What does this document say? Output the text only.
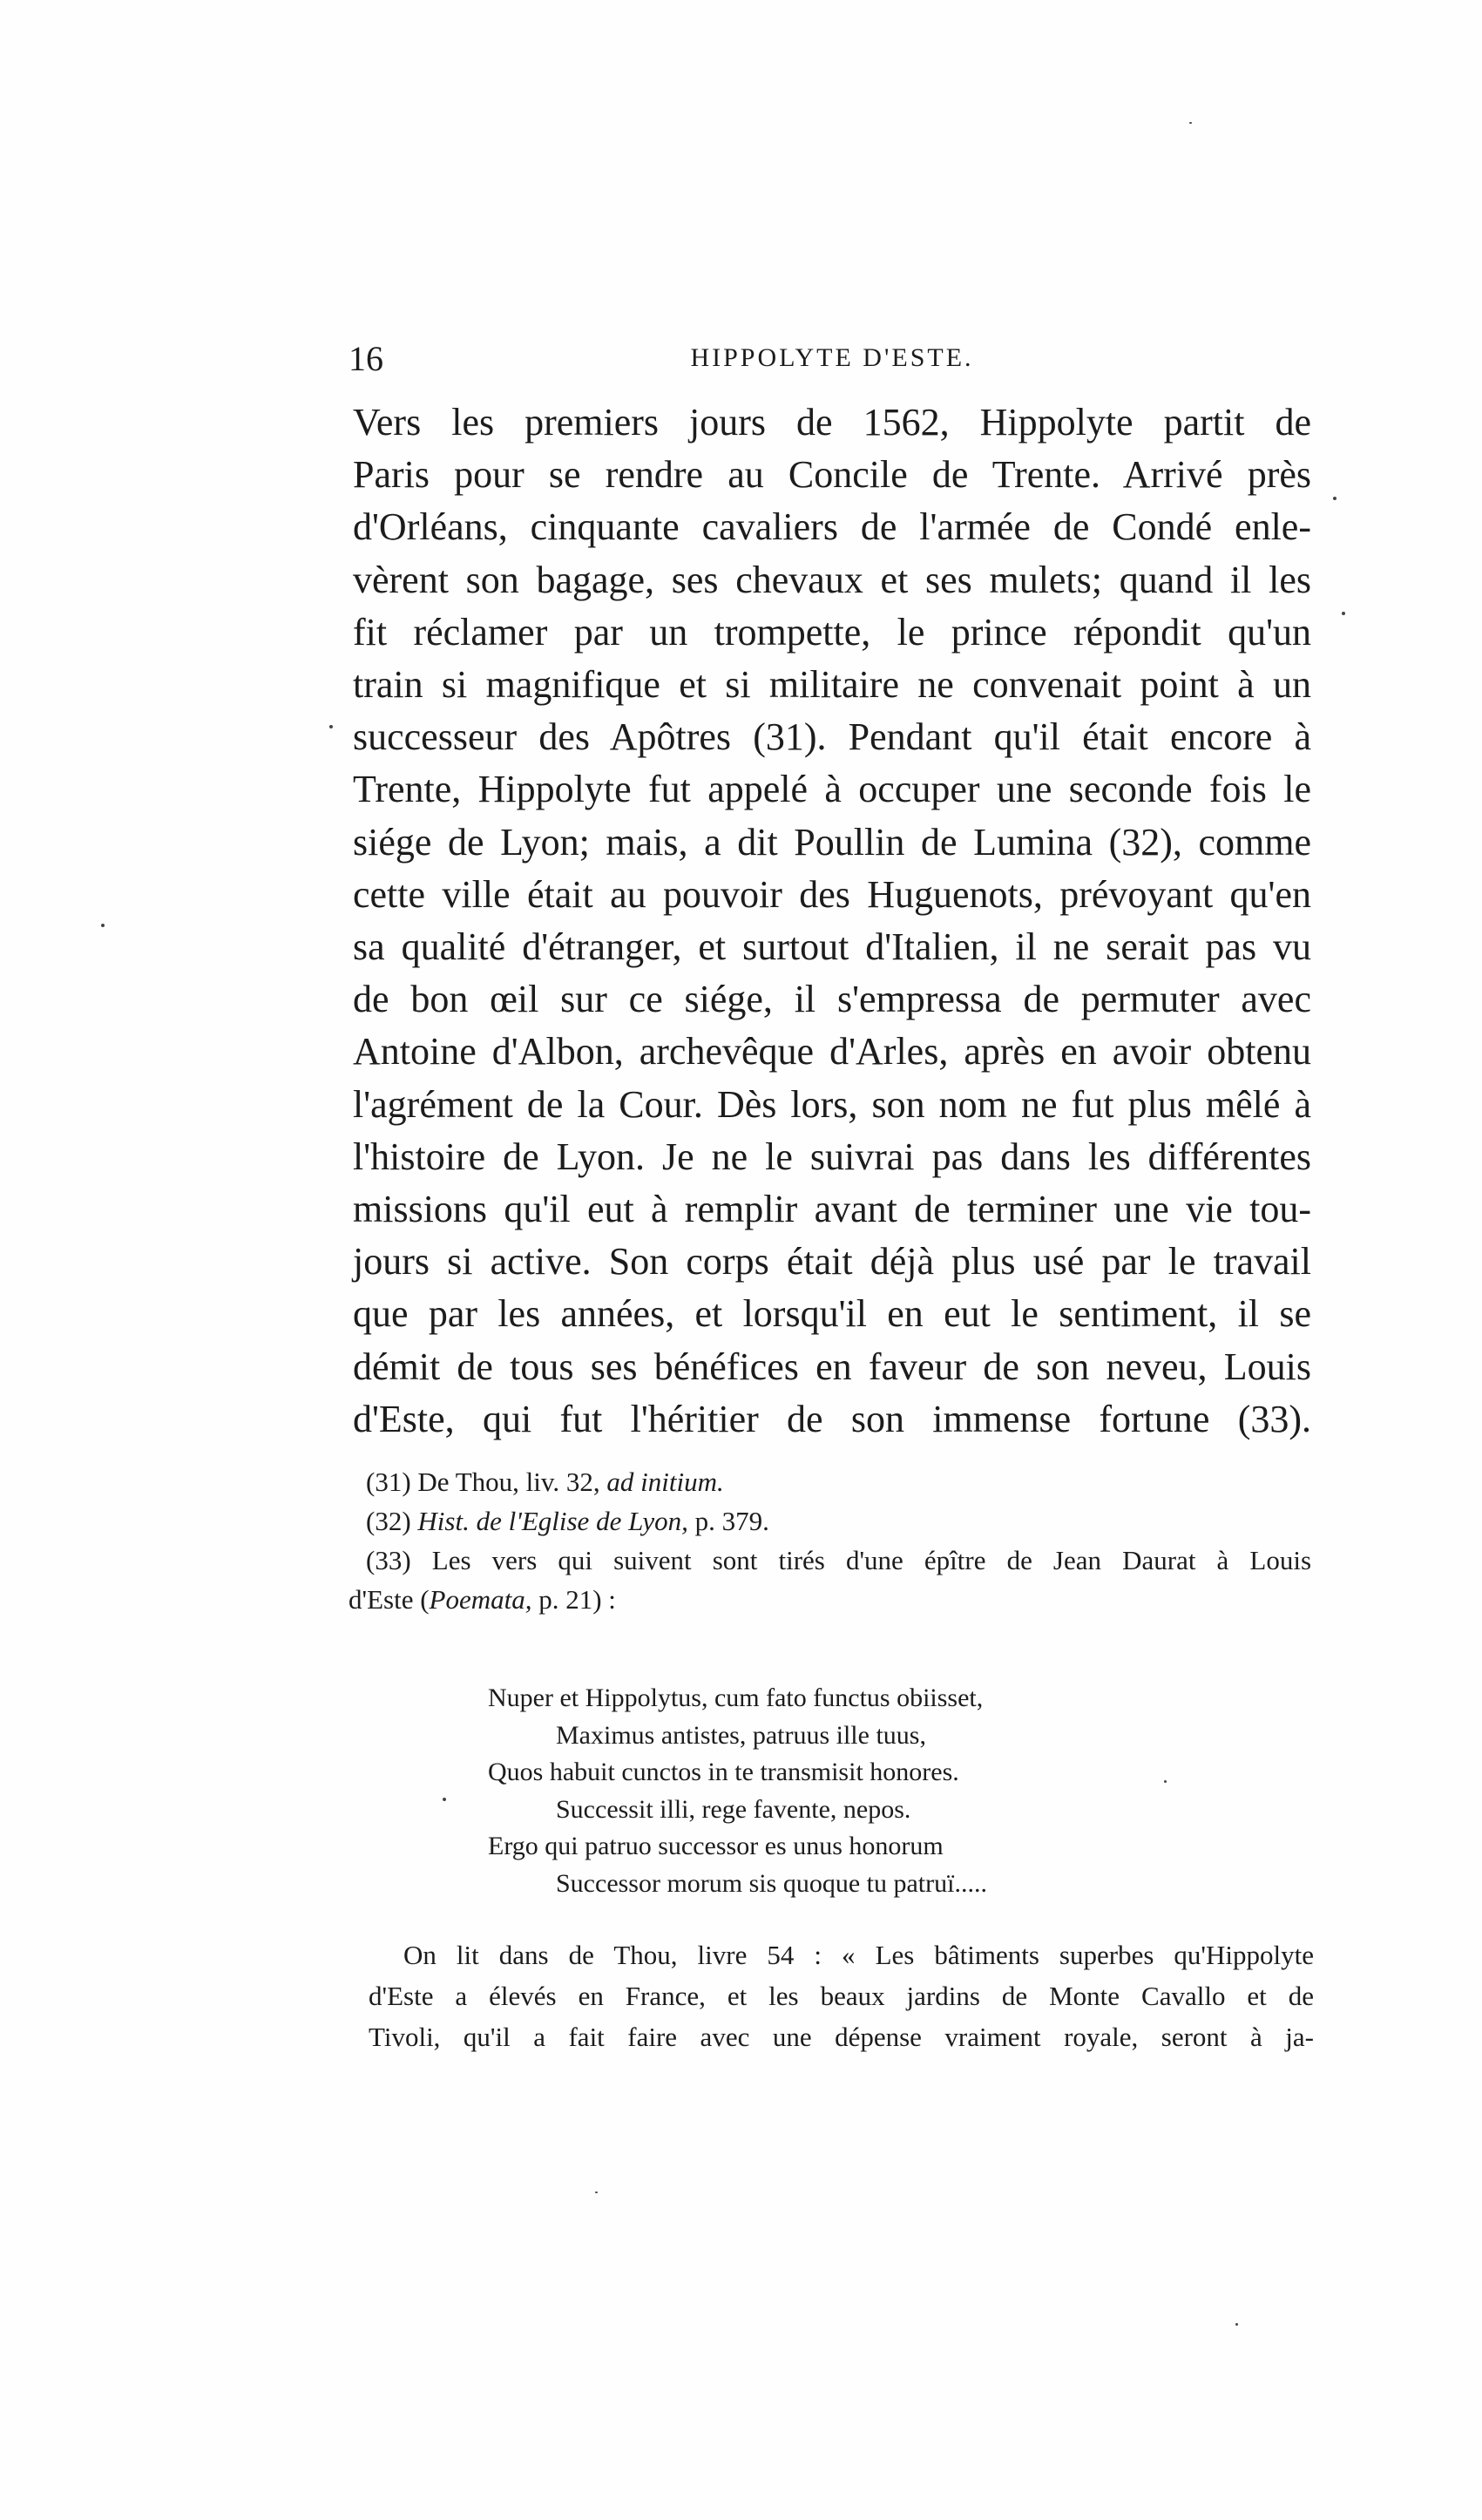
16	HIPPOLYTE D'ESTE.
Vers les premiers jours de 1562, Hippolyte partit de
Paris pour se rendre au Concile de Trente. Arrivé près
d'Orléans, cinquante cavaliers de l'armée de Condé enle-
vèrent son bagage, ses chevaux et ses mulets; quand il les
fit réclamer par un trompette, le prince répondit qu'un
train si magnifique et si militaire ne convenait point à un
successeur des Apôtres (31). Pendant qu'il était encore à
Trente, Hippolyte fut appelé à occuper une seconde fois le
siége de Lyon; mais, a dit Poullin de Lumina (32), comme
cette ville était au pouvoir des Huguenots, prévoyant qu'en
sa qualité d'étranger, et surtout d'Italien, il ne serait pas vu
de bon œil sur ce siége, il s'empressa de permuter avec
Antoine d'Albon, archevêque d'Arles, après en avoir obtenu
l'agrément de la Cour. Dès lors, son nom ne fut plus mêlé à
l'histoire de Lyon. Je ne le suivrai pas dans les différentes
missions qu'il eut à remplir avant de terminer une vie tou-
jours si active. Son corps était déjà plus usé par le travail
que par les années, et lorsqu'il en eut le sentiment, il se
démit de tous ses bénéfices en faveur de son neveu, Louis
d'Este, qui fut l'héritier de son immense fortune (33).
(31) De Thou, liv. 32, ad initium.
(32) Hist. de l'Eglise de Lyon, p. 379.
(33) Les vers qui suivent sont tirés d'une épître de Jean Daurat à Louis
d'Este (Poemata, p. 21) :
Nuper et Hippolytus, cum fato functus obiisset,
Maximus antistes, patruus ille tuus,
Quos habuit cunctos in te transmisit honores.
Successit illi, rege favente, nepos.
Ergo qui patruo successor es unus honorum
Successor morum sis quoque tu patruï.....
On lit dans de Thou, livre 54 : « Les bâtiments superbes qu'Hippolyte
d'Este a élevés en France, et les beaux jardins de Monte Cavallo et de
Tivoli, qu'il a fait faire avec une dépense vraiment royale, seront à ja-
